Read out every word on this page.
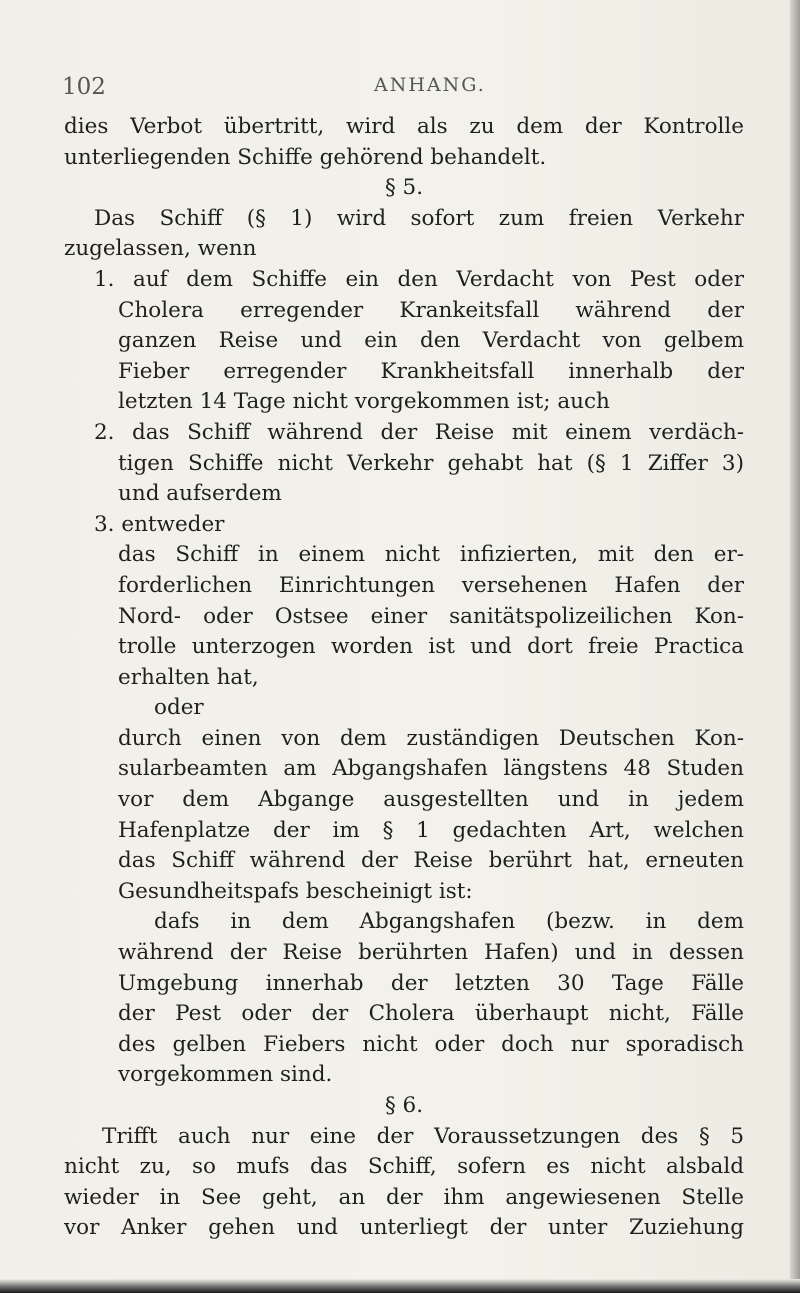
102	ANHANG.
dies Verbot übertritt, wird als zu dem der Kontrolle
unterliegenden Schiffe gehörend behandelt.
§ 5.
Das Schiff (§ 1) wird sofort zum freien Verkehr
zugelassen, wenn
1. auf dem Schiffe ein den Verdacht von Pest oder
Cholera erregender Krankeitsfall während der
ganzen Reise und ein den Verdacht von gelbem
Fieber erregender Krankheitsfall innerhalb der
letzten 14 Tage nicht vorgekommen ist; auch
2. das Schiff während der Reise mit einem verdäch-
tigen Schiffe nicht Verkehr gehabt hat (§ 1 Ziffer 3)
und aufserdem
3. entweder
das Schiff in einem nicht infizierten, mit den er-
forderlichen Einrichtungen versehenen Hafen der
Nord- oder Ostsee einer sanitätspolizeilichen Kon-
trolle unterzogen worden ist und dort freie Practica
erhalten hat,
oder
durch einen von dem zuständigen Deutschen Kon-
sularbeamten am Abgangshafen längstens 48 Studen
vor dem Abgange ausgestellten und in jedem
Hafenplatze der im § 1 gedachten Art, welchen
das Schiff während der Reise berührt hat, erneuten
Gesundheitspafs bescheinigt ist:
dafs in dem Abgangshafen (bezw. in dem
während der Reise berührten Hafen) und in dessen
Umgebung innerhab der letzten 30 Tage Fälle
der Pest oder der Cholera überhaupt nicht, Fälle
des gelben Fiebers nicht oder doch nur sporadisch
vorgekommen sind.
§ 6.
Trifft auch nur eine der Voraussetzungen des § 5
nicht zu, so mufs das Schiff, sofern es nicht alsbald
wieder in See geht, an der ihm angewiesenen Stelle
vor Anker gehen und unterliegt der unter Zuziehung
